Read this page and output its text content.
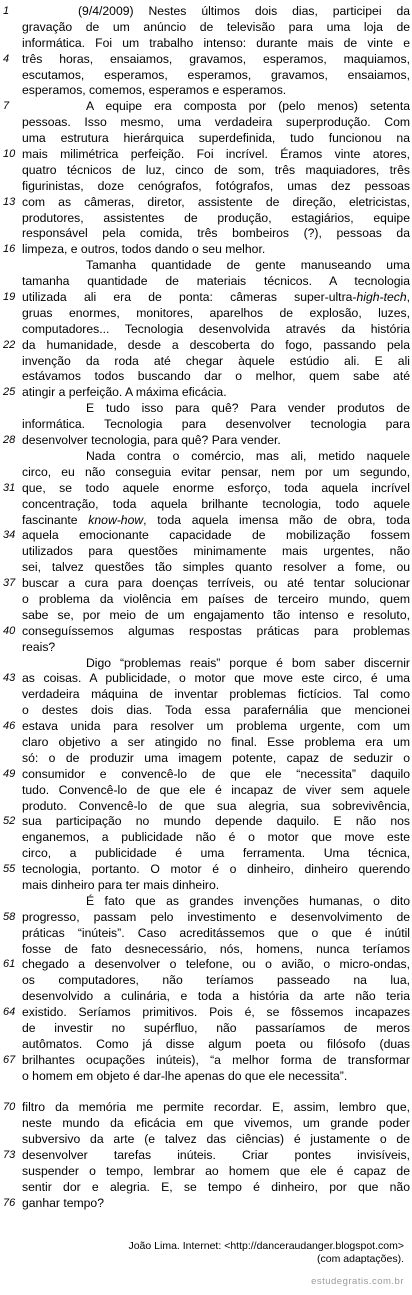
1	(9/4/2009) Nestes últimos dois dias, participei da
gravação de um anúncio de televisão para uma loja de
informática. Foi um trabalho intenso: durante mais de vinte e
4	três horas, ensaiamos, gravamos, esperamos, maquiamos,
escutamos, esperamos, esperamos, gravamos, ensaiamos,
esperamos, comemos, esperamos e esperamos.
7	A equipe era composta por (pelo menos) setenta
pessoas. Isso mesmo, uma verdadeira superprodução. Com
uma estrutura hierárquica superdefinida, tudo funcionou na
10 mais milimétrica perfeição. Foi incrível. Éramos vinte atores,
quatro técnicos de luz, cinco de som, três maquiadores, três
figurinistas, doze cenógrafos, fotógrafos, umas dez pessoas
13 com as câmeras, diretor, assistente de direção, eletricistas,
produtores, assistentes de produção, estagiários, equipe
responsável pela comida, três bombeiros (?), pessoas da
16 limpeza, e outros, todos dando o seu melhor.
Tamanha quantidade de gente manuseando uma
tamanha quantidade de materiais técnicos. A tecnologia
19 utilizada ali era de ponta: câmeras super-ultra-high-tech,
gruas enormes, monitores, aparelhos de explosão, luzes,
computadores... Tecnologia desenvolvida através da história
22 da humanidade, desde a descoberta do fogo, passando pela
invenção da roda até chegar àquele estúdio ali. E ali
estávamos todos buscando dar o melhor, quem sabe até
25 atingir a perfeição. A máxima eficácia.
E tudo isso para quê? Para vender produtos de
informática. Tecnologia para desenvolver tecnologia para
28 desenvolver tecnologia, para quê? Para vender.
Nada contra o comércio, mas ali, metido naquele
circo, eu não conseguia evitar pensar, nem por um segundo,
31 que, se todo aquele enorme esforço, toda aquela incrível
concentração, toda aquela brilhante tecnologia, todo aquele
fascinante know-how, toda aquela imensa mão de obra, toda
34 aquela emocionante capacidade de mobilização fossem
utilizados para questões minimamente mais urgentes, não
sei, talvez questões tão simples quanto resolver a fome, ou
37 buscar a cura para doenças terríveis, ou até tentar solucionar
o problema da violência em países de terceiro mundo, quem
sabe se, por meio de um engajamento tão intenso e resoluto,
40 conseguíssemos algumas respostas práticas para problemas
reais?
Digo “problemas reais” porque é bom saber discernir
43 as coisas. A publicidade, o motor que move este circo, é uma
verdadeira máquina de inventar problemas fictícios. Tal como
o destes dois dias. Toda essa parafernália que mencionei
46 estava unida para resolver um problema urgente, com um
claro objetivo a ser atingido no final. Esse problema era um
só: o de produzir uma imagem potente, capaz de seduzir o
49 consumidor e convencê-lo de que ele “necessita” daquilo
tudo. Convencê-lo de que ele é incapaz de viver sem aquele
produto. Convencê-lo de que sua alegria, sua sobrevivência,
52 sua participação no mundo depende daquilo. E não nos
enganemos, a publicidade não é o motor que move este
circo, a publicidade é uma ferramenta. Uma técnica,
55 tecnologia, portanto. O motor é o dinheiro, dinheiro querendo
mais dinheiro para ter mais dinheiro.
É fato que as grandes invenções humanas, o dito
58 progresso, passam pelo investimento e desenvolvimento de
práticas “inúteis”. Caso acreditássemos que o que é inútil
fosse de fato desnecessário, nós, homens, nunca teríamos
61 chegado a desenvolver o telefone, ou o avião, o micro-ondas,
os computadores, não teríamos passeado na lua,
desenvolvido a culinária, e toda a história da arte não teria
64 existido. Seríamos primitivos. Pois é, se fôssemos incapazes
de investir no supérfluo, não passaríamos de meros
autômatos. Como já disse algum poeta ou filósofo (duas
67 brilhantes ocupações inúteis), “a melhor forma de transformar
o homem em objeto é dar-lhe apenas do que ele necessita”.
70 filtro da memória me permite recordar. E, assim, lembro que,
neste mundo da eficácia em que vivemos, um grande poder
subversivo da arte (e talvez das ciências) é justamente o de
73 desenvolver tarefas inúteis. Criar pontes invisíveis,
suspender o tempo, lembrar ao homem que ele é capaz de
sentir dor e alegria. E, se tempo é dinheiro, por que não
76 ganhar tempo?
João Lima. Internet: <http://danceraudanger.blogspot.com>
(com adaptações).
estudegratis.com.br
